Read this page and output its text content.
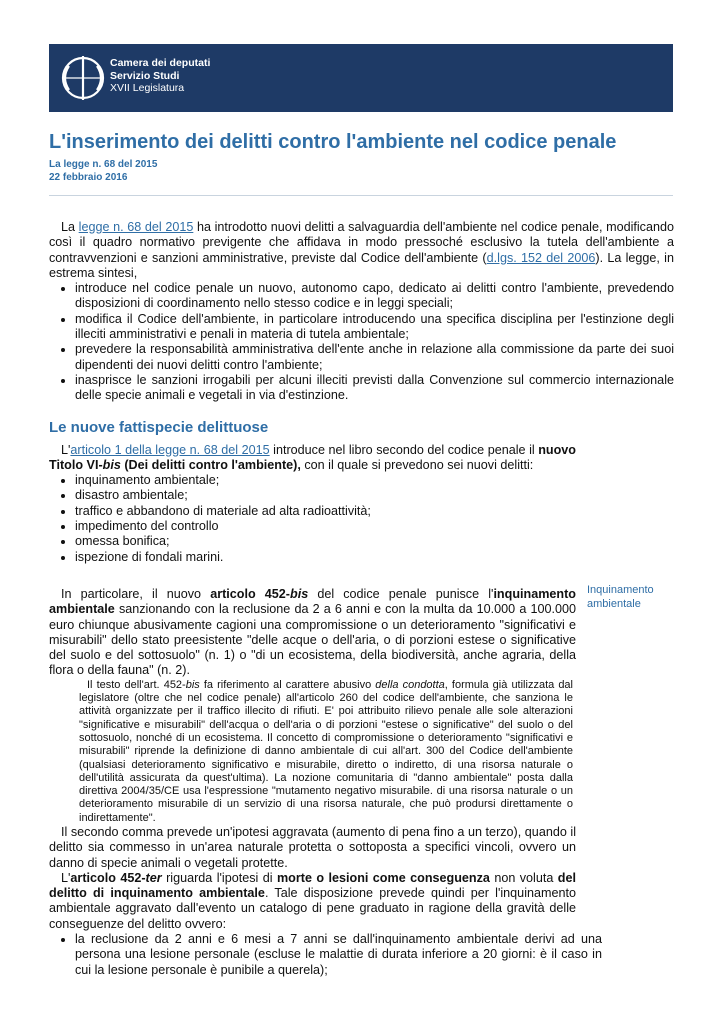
Camera dei deputati
Servizio Studi
XVII Legislatura
L'inserimento dei delitti contro l'ambiente nel codice penale
La legge n. 68 del 2015
22 febbraio 2016
Inquinamento
ambientale

La legge n. 68 del 2015 ha introdotto nuovi delitti a salvaguardia dell'ambiente nel codice penale, modificando così il quadro normativo previgente che affidava in modo pressoché esclusivo la tutela dell'ambiente a contravvenzioni e sanzioni amministrative, previste dal Codice dell'ambiente (d.lgs. 152 del 2006). La legge, in estrema sintesi,

• introduce nel codice penale un nuovo, autonomo capo, dedicato ai delitti contro l'ambiente, prevedendo disposizioni di coordinamento nello stesso codice e in leggi speciali;
• modifica il Codice dell'ambiente, in particolare introducendo una specifica disciplina per l'estinzione degli illeciti amministrativi e penali in materia di tutela ambientale;
• prevedere la responsabilità amministrativa dell'ente anche in relazione alla commissione da parte dei suoi dipendenti dei nuovi delitti contro l'ambiente;
• inasprisce le sanzioni irrogabili per alcuni illeciti previsti dalla Convenzione sul commercio internazionale delle specie animali e vegetali in via d'estinzione.
Le nuove fattispecie delittuose

L'articolo 1 della legge n. 68 del 2015 introduce nel libro secondo del codice penale il nuovo Titolo VI-bis (Dei delitti contro l'ambiente), con il quale si prevedono sei nuovi delitti:

• inquinamento ambientale;
• disastro ambientale;
• traffico e abbandono di materiale ad alta radioattività;
• impedimento del controllo
• omessa bonifica;
• ispezione di fondali marini.

In particolare, il nuovo articolo 452-bis del codice penale punisce l'inquinamento ambientale sanzionando con la reclusione da 2 a 6 anni e con la multa da 10.000 a 100.000 euro chiunque abusivamente cagioni una compromissione o un deterioramento "significativi e misurabili" dello stato preesistente "delle acque o dell'aria, o di porzioni estese o significative del suolo e del sottosuolo" (n. 1) o "di un ecosistema, della biodiversità, anche agraria, della flora o della fauna" (n. 2).

Il testo dell'art. 452-bis fa riferimento al carattere abusivo della condotta, formula già utilizzata dal legislatore (oltre che nel codice penale) all'articolo 260 del codice dell'ambiente, che sanziona le attività organizzate per il traffico illecito di rifiuti. E' poi attribuito rilievo penale alle sole alterazioni "significative e misurabili" dell'acqua o dell'aria o di porzioni "estese o significative" del suolo o del sottosuolo, nonché di un ecosistema. Il concetto di compromissione o deterioramento "significativi e misurabili" riprende la definizione di danno ambientale di cui all'art. 300 del Codice dell'ambiente (qualsiasi deterioramento significativo e misurabile, diretto o indiretto, di una risorsa naturale o dell'utilità assicurata da quest'ultima). La nozione comunitaria di "danno ambientale" posta dalla direttiva 2004/35/CE usa l'espressione "mutamento negativo misurabile. di una risorsa naturale o un deterioramento misurabile di un servizio di una risorsa naturale, che può prodursi direttamente o indirettamente".

Il secondo comma prevede un'ipotesi aggravata (aumento di pena fino a un terzo), quando il delitto sia commesso in un'area naturale protetta o sottoposta a specifici vincoli, ovvero un danno di specie animali o vegetali protette.

L'articolo 452-ter riguarda l'ipotesi di morte o lesioni come conseguenza non voluta del delitto di inquinamento ambientale. Tale disposizione prevede quindi per l'inquinamento ambientale aggravato dall'evento un catalogo di pene graduato in ragione della gravità delle conseguenze del delitto ovvero:

• la reclusione da 2 anni e 6 mesi a 7 anni se dall'inquinamento ambientale derivi ad una persona una lesione personale (escluse le malattie di durata inferiore a 20 giorni: è il caso in cui la lesione personale è punibile a querela);
